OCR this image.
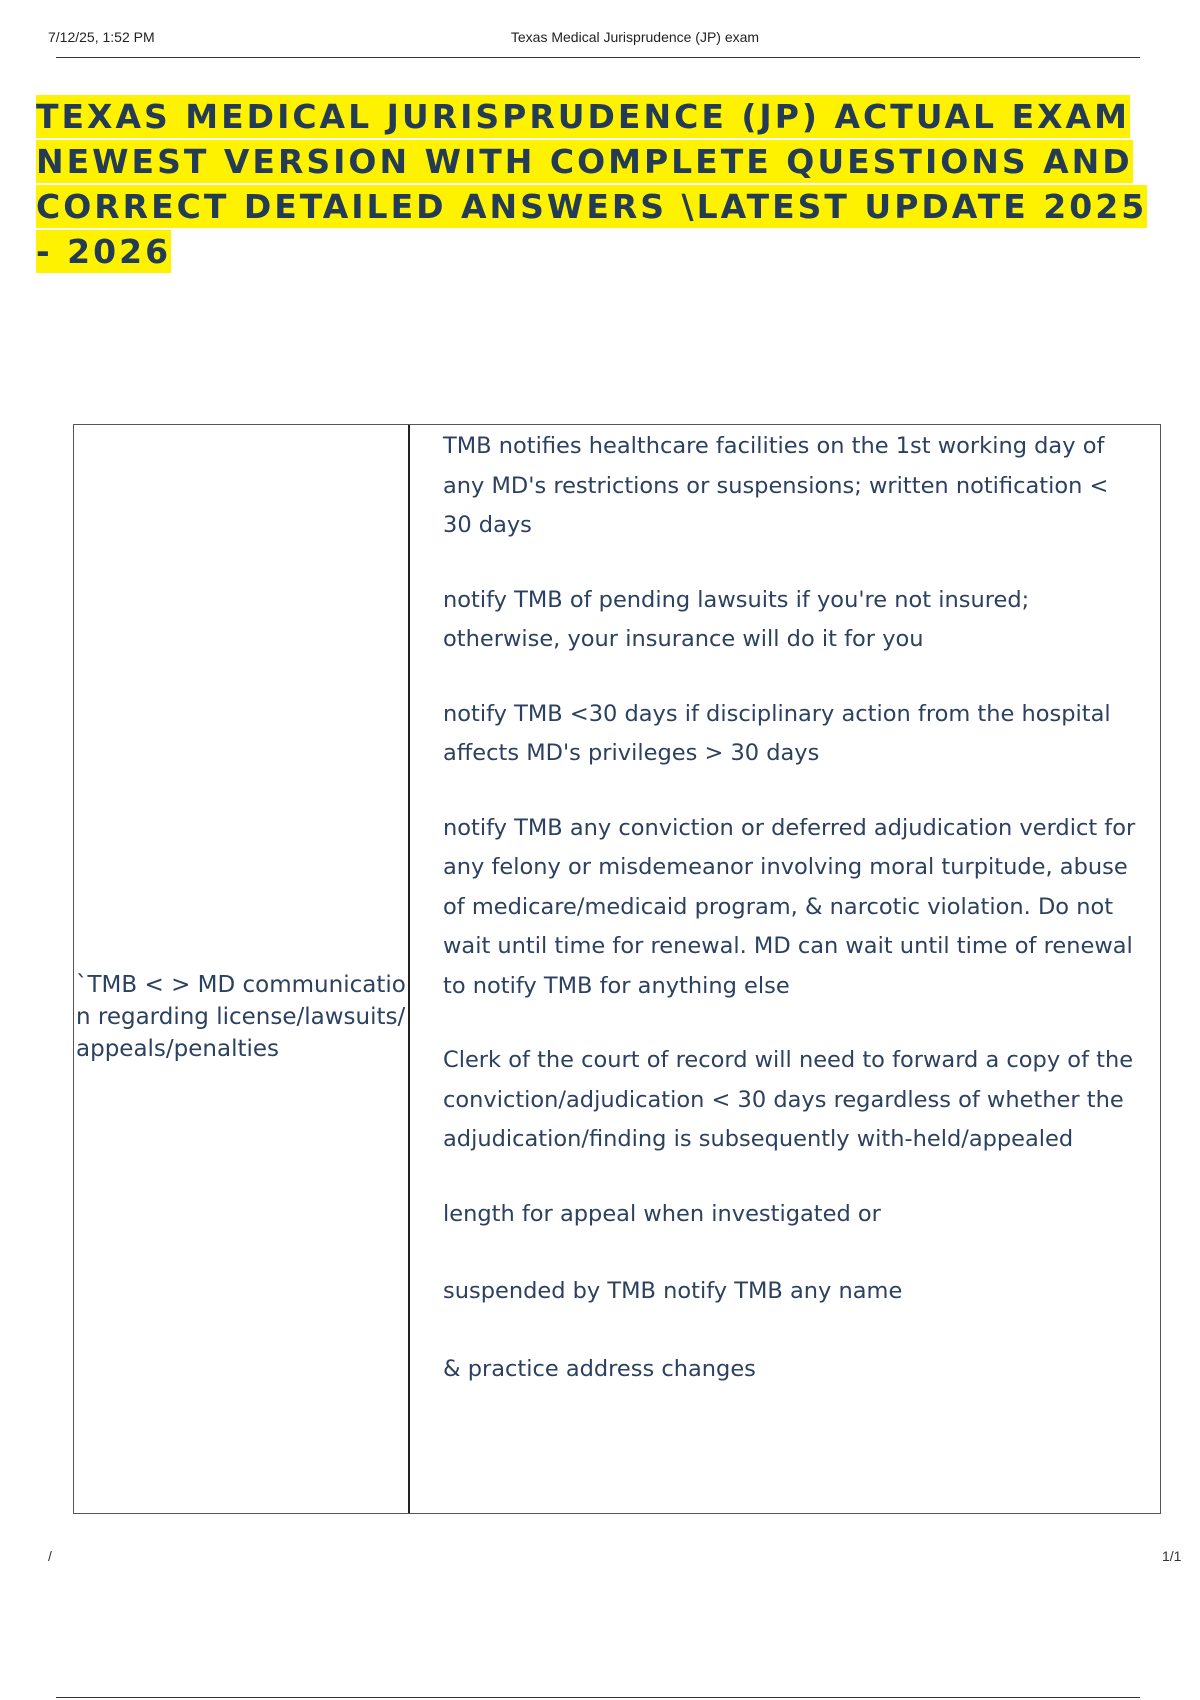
7/12/25, 1:52 PM	Texas Medical Jurisprudence (JP) exam
TEXAS MEDICAL JURISPRUDENCE (JP) ACTUAL EXAM NEWEST VERSION WITH COMPLETE QUESTIONS AND CORRECT DETAILED ANSWERS \LATEST UPDATE 2025 - 2026
`TMB < > MD communication regarding license/lawsuits/appeals/penalties

TMB notifies healthcare facilities on the 1st working day of any MD's restrictions or suspensions; written notification < 30 days

notify TMB of pending lawsuits if you're not insured; otherwise, your insurance will do it for you

notify TMB <30 days if disciplinary action from the hospital affects MD's privileges > 30 days

notify TMB any conviction or deferred adjudication verdict for any felony or misdemeanor involving moral turpitude, abuse of medicare/medicaid program, & narcotic violation. Do not wait until time for renewal. MD can wait until time of renewal to notify TMB for anything else

Clerk of the court of record will need to forward a copy of the conviction/adjudication < 30 days regardless of whether the adjudication/finding is subsequently with-held/appealed

length for appeal when investigated or

suspended by TMB notify TMB any name

& practice address changes

/	1/1
